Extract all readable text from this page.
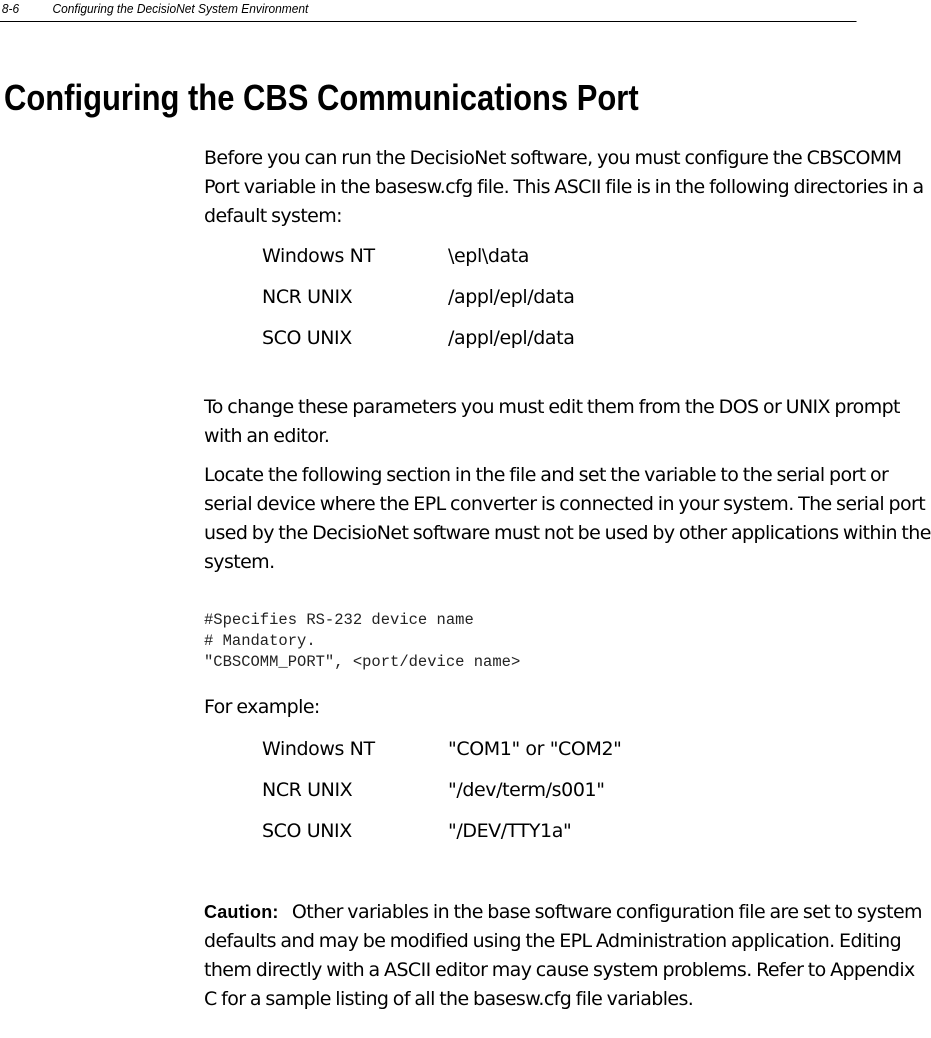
8-6	Configuring the DecisioNet System Environment
Configuring the CBS Communications Port

Before you can run the DecisioNet software, you must configure the CBSCOMM Port variable in the basesw.cfg file. This ASCII file is in the following directories in a default system:

Windows NT	\epl\data
NCR UNIX	/appl/epl/data
SCO UNIX	/appl/epl/data

To change these parameters you must edit them from the DOS or UNIX prompt with an editor.

Locate the following section in the file and set the variable to the serial port or serial device where the EPL converter is connected in your system. The serial port used by the DecisioNet software must not be used by other applications within the system.

#Specifies RS-232 device name
# Mandatory.
"CBSCOMM_PORT", <port/device name>

For example:

Windows NT	"COM1" or "COM2"
NCR UNIX	"/dev/term/s001"
SCO UNIX	"/DEV/TTY1a"

Caution: Other variables in the base software configuration file are set to system defaults and may be modified using the EPL Administration application. Editing them directly with a ASCII editor may cause system problems. Refer to Appendix C for a sample listing of all the basesw.cfg file variables.
